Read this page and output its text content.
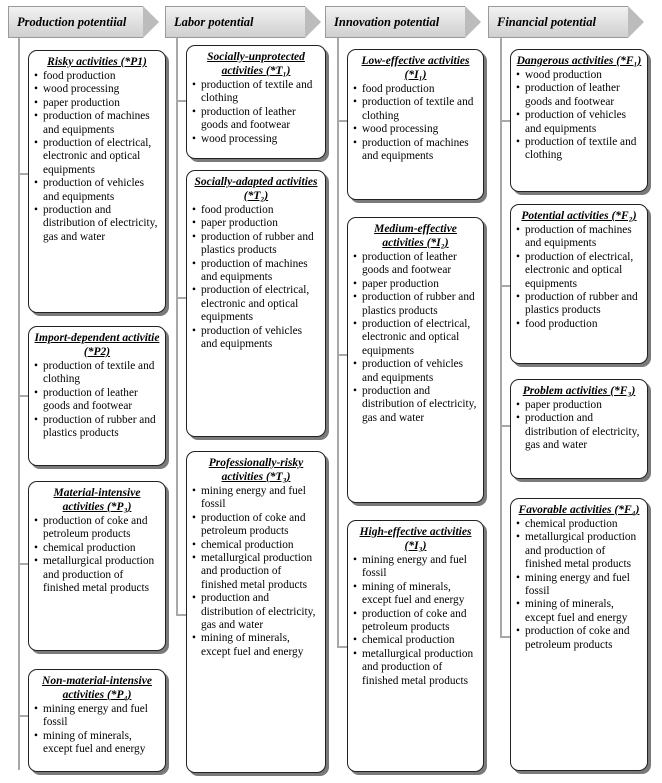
Production potentiial	Labor potential	Innovation potential	Financial potential
Risky activities (*P1)
• food production
• wood processing
• paper production
• production of machines and equipments
• production of electrical, electronic and optical equipments
• production of vehicles and equipments
• production and distribution of electricity, gas and water
Import-dependent activitie (*P2)
• production of textile and clothing
• production of leather goods and footwear
• production of rubber and plastics products
Material-intensive activities (*P₃)
• production of coke and petroleum products
• chemical production
• metallurgical production and production of finished metal products
Non-material-intensive activities (*P₄)
• mining energy and fuel fossil
• mining of minerals, except fuel and energy
Socially-unprotected activities (*T₁)
• production of textile and clothing
• production of leather goods and footwear
• wood processing
Socially-adapted activities (*T₂)
• food production
• paper production
• production of rubber and plastics products
• production of machines and equipments
• production of electrical, electronic and optical equipments
• production of vehicles and equipments
Professionally-risky activities (*T₃)
• mining energy and fuel fossil
• production of coke and petroleum products
• chemical production
• metallurgical production and production of finished metal products
• production and distribution of electricity, gas and water
• mining of minerals, except fuel and energy
Low-effective activities (*I₁)
• food production
• production of textile and clothing
• wood processing
• production of machines and equipments
Medium-effective activities (*I₂)
• production of leather goods and footwear
• paper production
• production of rubber and plastics products
• production of electrical, electronic and optical equipments
• production of vehicles and equipments
• production and distribution of electricity, gas and water
High-effective activities (*I₃)
• mining energy and fuel fossil
• mining of minerals, except fuel and energy
• production of coke and petroleum products
• chemical production
• metallurgical production and production of finished metal products
Dangerous activities (*F₁)
• wood production
• production of leather goods and footwear
• production of vehicles and equipments
• production of textile and clothing
Potential activities (*F₂)
• production of machines and equipments
• production of electrical, electronic and optical equipments
• production of rubber and plastics products
• food production
Problem activities (*F₃)
• paper production
• production and distribution of electricity, gas and water
Favorable activities (*F₄)
• chemical production
• metallurgical production and production of finished metal products
• mining energy and fuel fossil
• mining of minerals, except fuel and energy
• production of coke and petroleum products
